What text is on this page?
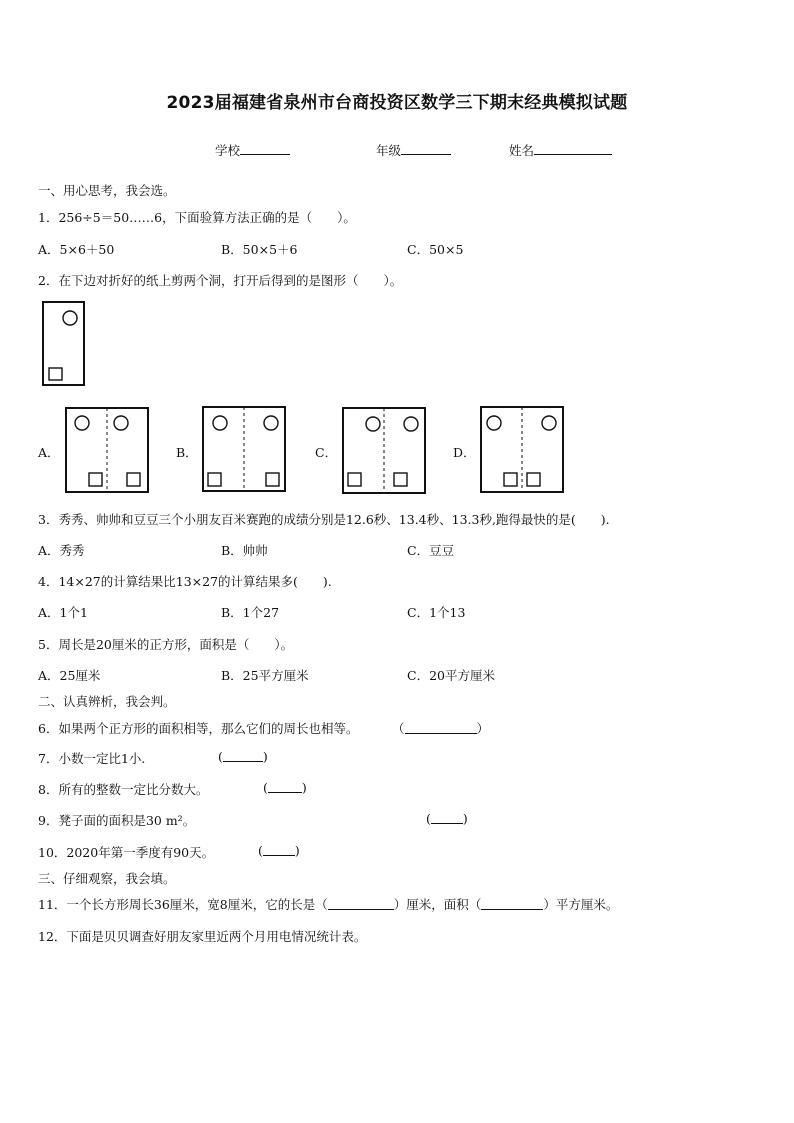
2023届福建省泉州市台商投资区数学三下期末经典模拟试题
学校	年级	姓名
一、用心思考，我会选。
1．256÷5＝50……6，下面验算方法正确的是（　　）。
A．5×6＋50	B．50×5＋6	C．50×5
2．在下边对折好的纸上剪两个洞，打开后得到的是图形（　　）。
A．	B．	C．	D．
3．秀秀、帅帅和豆豆三个小朋友百米赛跑的成绩分别是12.6秒、13.4秒、13.3秒,跑得最快的是(　　).
A．秀秀	B．帅帅	C．豆豆
4．14×27的计算结果比13×27的计算结果多(　　).
A．1个1	B．1个27	C．1个13
5．周长是20厘米的正方形，面积是（　　）。
A．25厘米	B．25平方厘米	C．20平方厘米
二、认真辨析，我会判。
6．如果两个正方形的面积相等，那么它们的周长也相等。	（	）
7．小数一定比1小.	(	)
8．所有的整数一定比分数大。	(	)
9．凳子面的面积是30 m²。	(	)
10．2020年第一季度有90天。	(	)
三、仔细观察，我会填。
11．一个长方形周长36厘米，宽8厘米，它的长是（	）厘米，面积（	）平方厘米。
12．下面是贝贝调查好朋友家里近两个月用电情况统计表。
